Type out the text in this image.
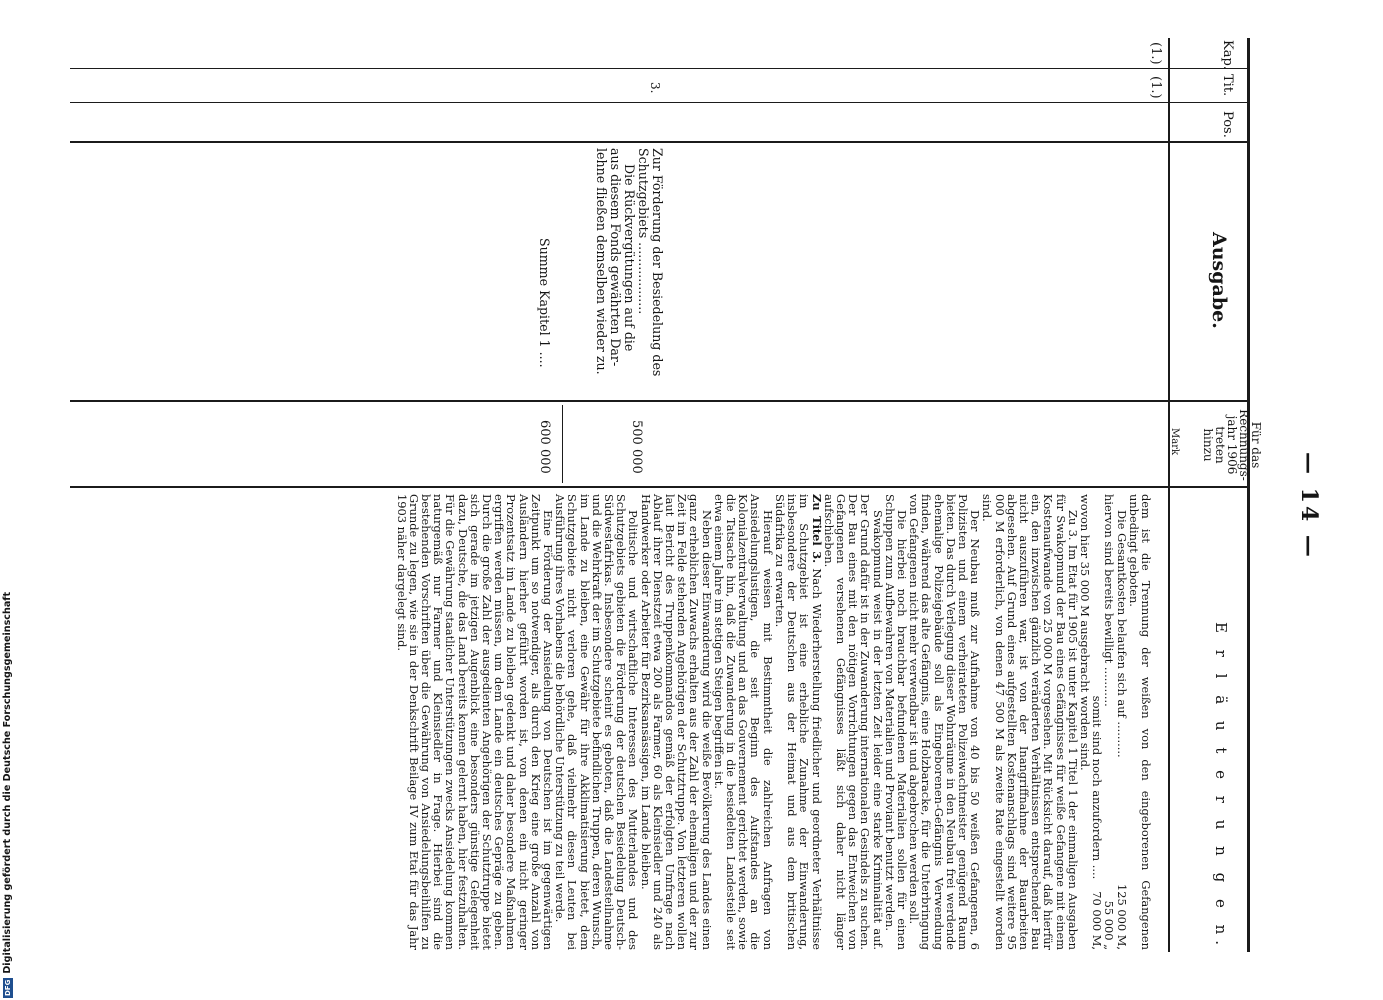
— 14 —
Kap.
Tit.
Pos.
Ausgabe.
Für das Rechnungs- jahr 1906 treten hinzu
Mark
E r l ä u t e r u n g e n.
(1.)
(1.)
3.

Zur Förderung der Besiedelung des

Schutzgebiets ..................

Die Rückvergütungen auf die

aus diesem Fonds gewährten Dar-

lehne fließen demselben wieder zu.

500 000
Summe Kapitel 1 ....
600 000

dem ist die Trennung der weißen von den eingeborenen Gefangenen unbedingt geboten.

Die Gesamtkosten belaufen sich auf ..........
125 000 M,

hiervon sind bereits bewilligt ...........
55 000 „

somit sind noch anzufordern ....
70 000 M,

wovon hier 35 000 M ausgebracht worden sind.

Zu 3. Im Etat für 1905 ist unter Kapitel 1 Titel 1 der einmaligen Ausgaben für Swakopmund der Bau eines Gefängnisses für weiße Gefangene mit einem Kostenaufwande von 25 000 M vorgesehen. Mit Rücksicht darauf, daß hierfür ein, den inzwischen gänzlich veränderten Verhältnissen entsprechender Bau nicht auszuführen war, ist von der Inangriffnahme der Bauarbeiten abgesehen. Auf Grund eines aufgestellten Kostenanschlags sind weitere 95 000 M erforderlich, von denen 47 500 M als zweite Rate eingestellt worden sind.

Der Neubau muß zur Aufnahme von 40 bis 50 weißen Gefangenen, 6 Polizisten und einem verheirateten Polizeiwachtmeister genügend Raum bieten. Das durch Verlegung dieser Wohnräume in den Neubau frei werdende ehemalige Polizeigebäude soll als Eingeborenen-Gefängnis Verwendung finden, während das alte Gefängnis, eine Holzbaracke, für die Unterbringung von Gefangenen nicht mehr verwendbar ist und abgebrochen werden soll.

Die hierbei noch brauchbar befundenen Materialien sollen für einen Schuppen zum Aufbewahren von Materialien und Proviant benutzt werden.

Swakopmund weist in der letzten Zeit leider eine starke Kriminalität auf. Der Grund dafür ist in der Zuwanderung internationalen Gesindels zu suchen. Der Bau eines mit den nötigen Vorrichtungen gegen das Entweichen von Gefangenen versehenen Gefängnisses läßt sich daher nicht länger aufschieben.

Zu Titel 3. Nach Wiederherstellung friedlicher und geordneter Verhältnisse im Schutzgebiet ist eine erhebliche Zunahme der Einwanderung, insbesondere der Deutschen aus der Heimat und aus dem britischen Südafrika zu erwarten.

Hierauf weisen mit Bestimmtheit die zahlreichen Anfragen von Ansiedelungslustigen, die seit Beginn des Aufstandes an die Kolonialzentralverwaltung und an das Gouvernement gerichtet werden, sowie die Tatsache hin, daß die Zuwanderung in die besiedelten Landesteile seit etwa einem Jahre im stetigen Steigen begriffen ist.

Neben dieser Einwanderung wird die weiße Bevölkerung des Landes einen ganz erheblichen Zuwachs erhalten aus der Zahl der ehemaligen und der zur Zeit im Felde stehenden Angehörigen der Schutztruppe. Von letzteren wollen laut Bericht des Truppenkommandos gemäß der erfolgten Umfrage nach Ablauf ihrer Dienstzeit etwa 200 als Farmer, 60 als Kleinsiedler und 240 als Handwerker oder Arbeiter für Bezirksansässigen, im Lande bleiben.

Politische und wirtschaftliche Interessen des Mutterlandes und des Schutzgebiets gebieten die Förderung der deutschen Besiedelung Deutsch-Südwestafrikas. Insbesondere scheint es geboten, daß die Landesteilnahme und die Wehrkraft der im Schutzgebiete befindlichen Truppen, deren Wunsch, im Lande zu bleiben, eine Gewähr für ihre Akklimatisierung bietet, dem Schutzgebiete nicht verloren gehe, daß vielmehr diesen Leuten bei Ausführung ihres Vorhabens die behördliche Unterstützung zu teil werde.

Eine Förderung der Ansiedelung von Deutschen ist im gegenwärtigen Zeitpunkt um so notwendiger, als durch den Krieg eine große Anzahl von Ausländern hierher geführt worden ist, von denen ein nicht geringer Prozentsatz im Lande zu bleiben gedenkt und daher besondere Maßnahmen ergriffen werden müssen, um dem Lande ein deutsches Gepräge zu geben. Durch die große Zahl der ausgedienten Angehörigen der Schutztruppe bietet sich gerade im jetzigen Augenblick eine besonders günstige Gelegenheit dazu, Deutsche, die das Land bereits kennen gelernt haben, hier festzuhalten. Für die Gewährung staatlicher Unterstützungen zwecks Ansiedelung kommen naturgemäß nur Farmer und Kleinsiedler in Frage. Hierbei sind die bestehenden Vorschriften über die Gewährung von Ansiedelungsbeihilfen zu Grunde zu legen, wie sie in der Denkschrift Beilage IV zum Etat für das Jahr 1903 näher dargelegt sind.

DFG
Digitalisierung gefördert durch die Deutsche Forschungsgemeinschaft
